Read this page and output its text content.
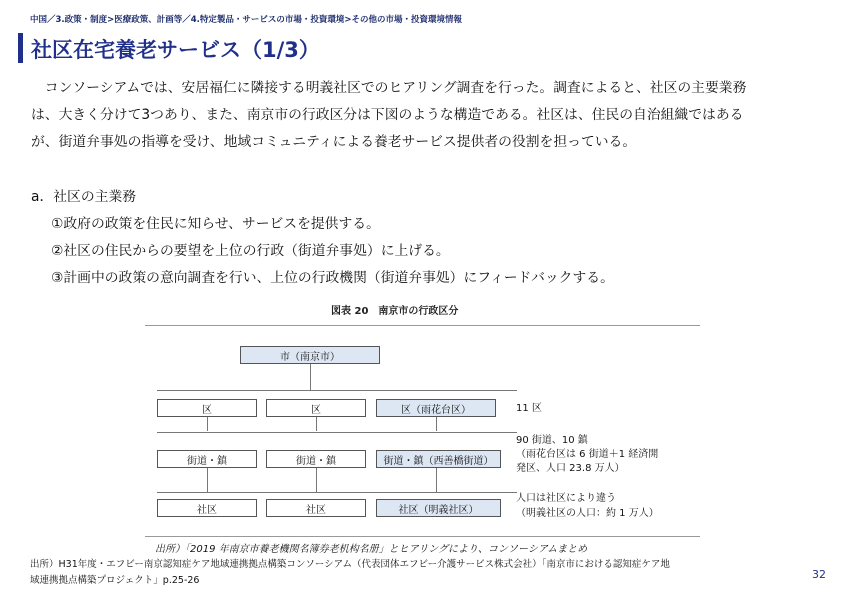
中国／3.政策・制度>医療政策、計画等／4.特定製品・サービスの市場・投資環境>その他の市場・投資環境情報
社区在宅養老サービス（1/3）
　コンソーシアムでは、安居福仁に隣接する明義社区でのヒアリング調査を行った。調査によると、社区の主要業務
は、大きく分けて3つあり、また、南京市の行政区分は下図のような構造である。社区は、住民の自治組織ではある
が、街道弁事処の指導を受け、地域コミュニティによる養老サービス提供者の役割を担っている。
a．社区の主業務
①政府の政策を住民に知らせ、サービスを提供する。
②社区の住民からの要望を上位の行政（街道弁事処）に上げる。
③計画中の政策の意向調査を行い、上位の行政機関（街道弁事処）にフィードバックする。
図表 20　南京市の行政区分
市（南京市）
区	区	区（雨花台区）	11 区
街道・鎮	街道・鎮	街道・鎮（西善橋街道）
90 街道、10 鎮
（雨花台区は 6 街道＋1 経済開
発区、人口 23.8 万人）
社区	社区	社区（明義社区）
人口は社区により違う
（明義社区の人口：約 1 万人）
出所）「2019 年南京市養老機関名簿券老机构名册」とヒアリングにより、コンソーシアムまとめ
出所）H31年度・エフビー南京認知症ケア地域連携拠点構築コンソーシアム（代表団体エフビー介護サービス株式会社）「南京市における認知症ケア地
域連携拠点構築プロジェクト」p.25-26	32
